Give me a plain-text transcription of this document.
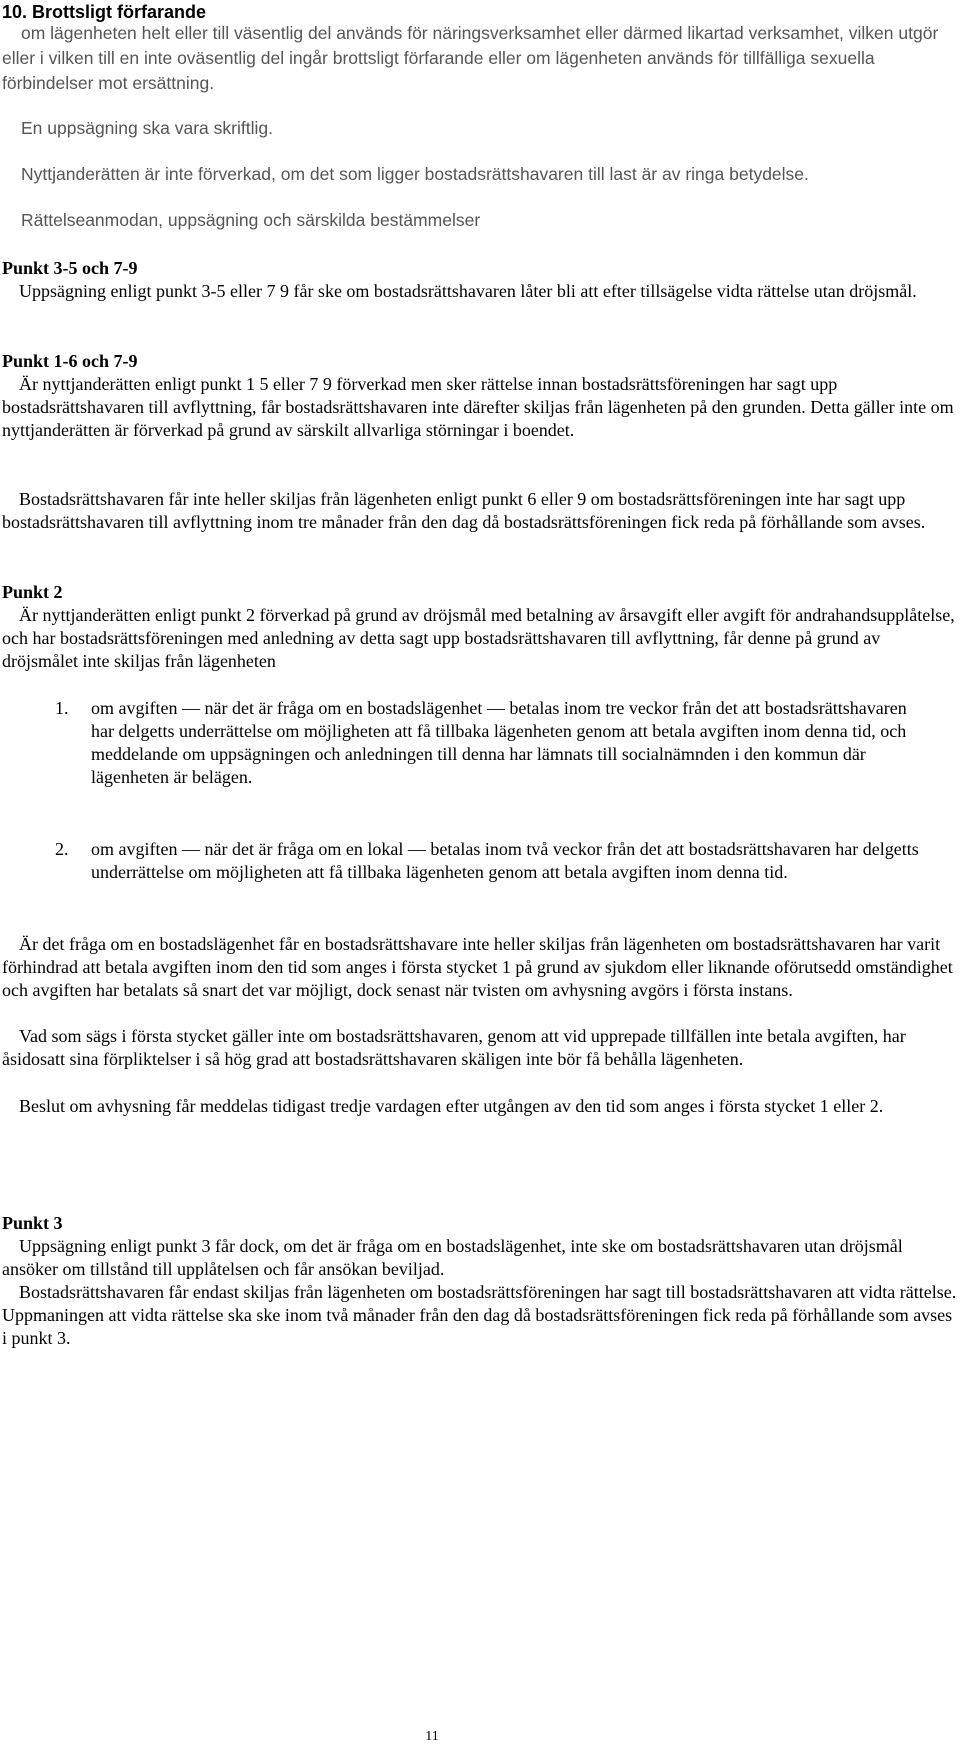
10. Brottsligt förfarande

om lägenheten helt eller till väsentlig del används för näringsverksamhet eller därmed likartad verksamhet, vilken utgör eller i vilken till en inte oväsentlig del ingår brottsligt förfarande eller om lägenheten används för tillfälliga sexuella förbindelser mot ersättning.

En uppsägning ska vara skriftlig.

Nyttjanderätten är inte förverkad, om det som ligger bostadsrättshavaren till last är av ringa betydelse.

Rättelseanmodan, uppsägning och särskilda bestämmelser

Punkt 3-5 och 7-9

Uppsägning enligt punkt 3-5 eller 7 9 får ske om bostadsrättshavaren låter bli att efter tillsägelse vidta rättelse utan dröjsmål.

Punkt 1-6 och 7-9

Är nyttjanderätten enligt punkt 1 5 eller 7 9 förverkad men sker rättelse innan bostadsrättsföreningen har sagt upp bostadsrättshavaren till avflyttning, får bostadsrättshavaren inte därefter skiljas från lägenheten på den grunden. Detta gäller inte om nyttjanderätten är förverkad på grund av särskilt allvarliga störningar i boendet.

Bostadsrättshavaren får inte heller skiljas från lägenheten enligt punkt 6 eller 9 om bostadsrättsföreningen inte har sagt upp bostadsrättshavaren till avflyttning inom tre månader från den dag då bostadsrättsföreningen fick reda på förhållande som avses.

Punkt 2

Är nyttjanderätten enligt punkt 2 förverkad på grund av dröjsmål med betalning av årsavgift eller avgift för andrahandsupplåtelse, och har bostadsrättsföreningen med anledning av detta sagt upp bostadsrättshavaren till avflyttning, får denne på grund av dröjsmålet inte skiljas från lägenheten

1. om avgiften — när det är fråga om en bostadslägenhet — betalas inom tre veckor från det att bostadsrättshavaren har delgetts underrättelse om möjligheten att få tillbaka lägenheten genom att betala avgiften inom denna tid, och meddelande om uppsägningen och anledningen till denna har lämnats till socialnämnden i den kommun där lägenheten är belägen.
2. om avgiften — när det är fråga om en lokal — betalas inom två veckor från det att bostadsrättshavaren har delgetts underrättelse om möjligheten att få tillbaka lägenheten genom att betala avgiften inom denna tid.

Är det fråga om en bostadslägenhet får en bostadsrättshavare inte heller skiljas från lägenheten om bostadsrättshavaren har varit förhindrad att betala avgiften inom den tid som anges i första stycket 1 på grund av sjukdom eller liknande oförutsedd omständighet och avgiften har betalats så snart det var möjligt, dock senast när tvisten om avhysning avgörs i första instans.

Vad som sägs i första stycket gäller inte om bostadsrättshavaren, genom att vid upprepade tillfällen inte betala avgiften, har åsidosatt sina förpliktelser i så hög grad att bostadsrättshavaren skäligen inte bör få behålla lägenheten.

Beslut om avhysning får meddelas tidigast tredje vardagen efter utgången av den tid som anges i första stycket 1 eller 2.

Punkt 3

Uppsägning enligt punkt 3 får dock, om det är fråga om en bostadslägenhet, inte ske om bostadsrättshavaren utan dröjsmål ansöker om tillstånd till upplåtelsen och får ansökan beviljad.

Bostadsrättshavaren får endast skiljas från lägenheten om bostadsrättsföreningen har sagt till bostadsrättshavaren att vidta rättelse. Uppmaningen att vidta rättelse ska ske inom två månader från den dag då bostadsrättsföreningen fick reda på förhållande som avses i punkt 3.

11
